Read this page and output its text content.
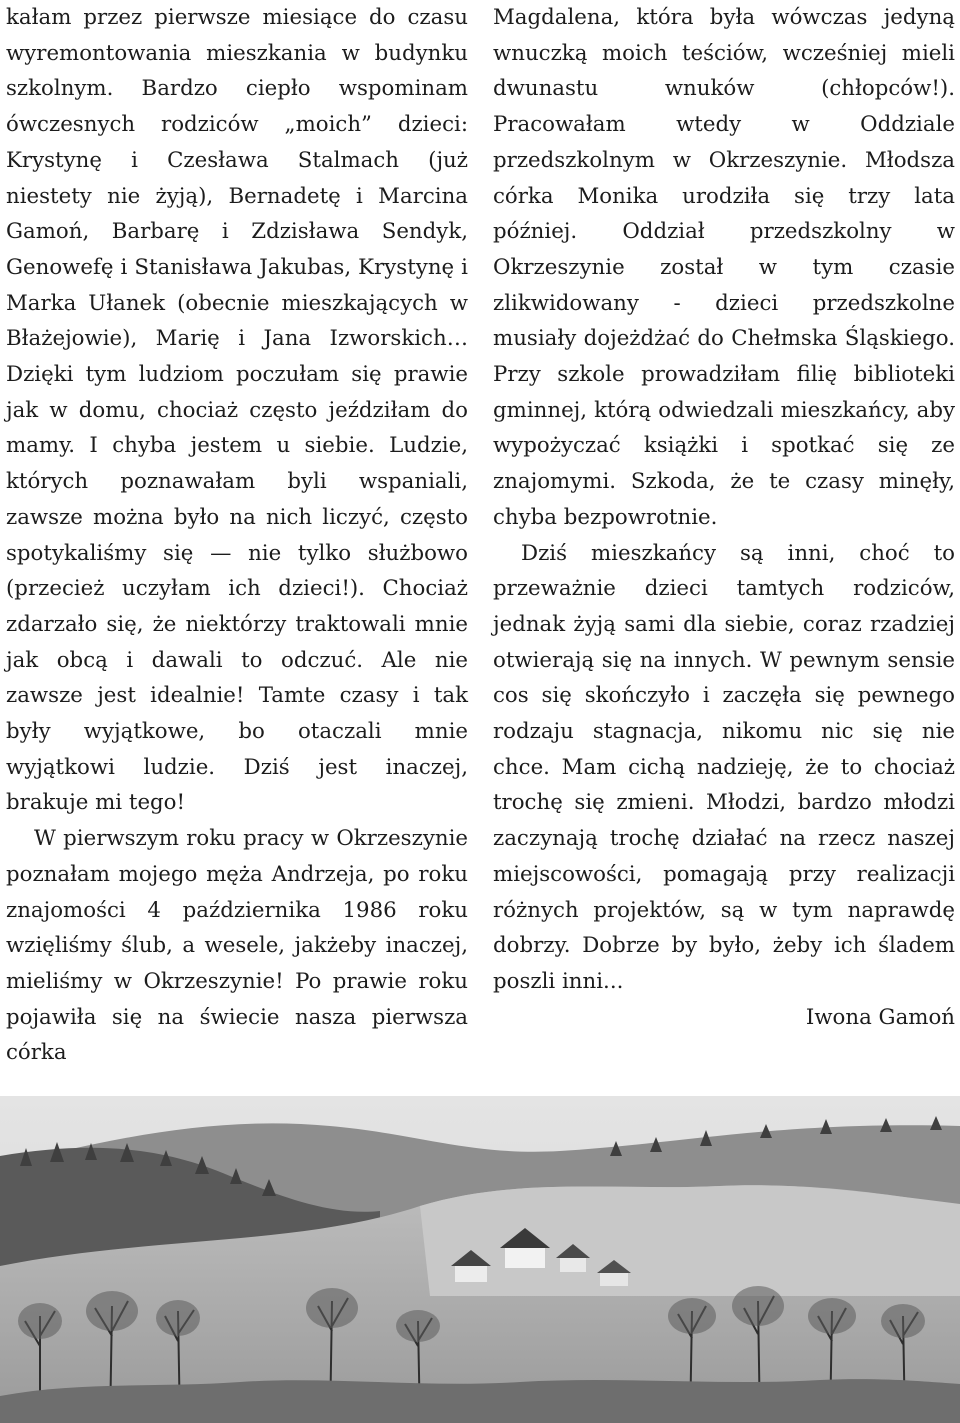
kałam przez pierwsze miesiące do czasu wyremontowania mieszkania w budynku szkolnym. Bardzo ciepło wspominam ówczesnych rodziców „moich” dzieci: Krystynę i Czesława Stalmach (już niestety nie żyją), Bernadetę i Marcina Gamoń, Barbarę i Zdzisława Sendyk, Genowefę i Stanisława Jakubas, Krystynę i Marka Ułanek (obecnie mieszkających w Błażejowie), Marię i Jana Izworskich… Dzięki tym ludziom poczułam się prawie jak w domu, chociaż często jeździłam do mamy. I chyba jestem u siebie. Ludzie, których poznawałam byli wspaniali, zawsze można było na nich liczyć, często spotykaliśmy się — nie tylko służbowo (przecież uczyłam ich dzieci!). Chociaż zdarzało się, że niektórzy traktowali mnie jak obcą i dawali to odczuć. Ale nie zawsze jest idealnie! Tamte czasy i tak były wyjątkowe, bo otaczali mnie wyjątkowi ludzie. Dziś jest inaczej, brakuje mi tego!

W pierwszym roku pracy w Okrzeszynie poznałam mojego męża Andrzeja, po roku znajomości 4 października 1986 roku wzięliśmy ślub, a wesele, jakżeby inaczej, mieliśmy w Okrzeszynie! Po prawie roku pojawiła się na świecie nasza pierwsza córka

Magdalena, która była wówczas jedyną wnuczką moich teściów, wcześniej mieli dwunastu wnuków (chłopców!). Pracowałam wtedy w Oddziale przedszkolnym w Okrzeszynie. Młodsza córka Monika urodziła się trzy lata później. Oddział przedszkolny w Okrzeszynie został w tym czasie zlikwidowany - dzieci przedszkolne musiały dojeżdżać do Chełmska Śląskiego. Przy szkole prowadziłam filię biblioteki gminnej, którą odwiedzali mieszkańcy, aby wypożyczać książki i spotkać się ze znajomymi. Szkoda, że te czasy minęły, chyba bezpowrotnie.

Dziś mieszkańcy są inni, choć to przeważnie dzieci tamtych rodziców, jednak żyją sami dla siebie, coraz rzadziej otwierają się na innych. W pewnym sensie cos się skończyło i zaczęła się pewnego rodzaju stagnacja, nikomu nic się nie chce. Mam cichą nadzieję, że to chociaż trochę się zmieni. Młodzi, bardzo młodzi zaczynają trochę działać na rzecz naszej miejscowości, pomagają przy realizacji różnych projektów, są w tym naprawdę dobrzy. Dobrze by było, żeby ich śladem poszli inni...

Iwona Gamoń
